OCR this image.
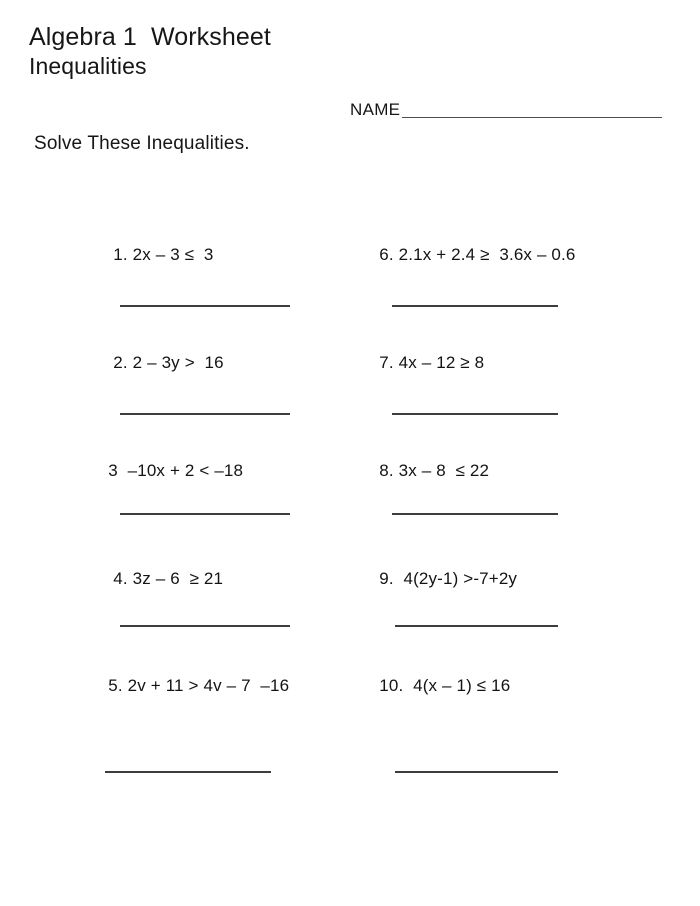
Algebra 1  Worksheet
Inequalities
NAME
Solve These Inequalities.

1. 2x – 3 ≤  3
	6. 2.1x + 2.4 ≥  3.6x – 0.6

2. 2 – 3y >  16
	7. 4x – 12 ≥ 8

3 –10x + 2 < –18
	8. 3x – 8  ≤ 22

4. 3z – 6  ≥ 21
	9. 4(2y-1) >-7+2y

5. 2v + 11 > 4v – 7  –16
	10. 4(x – 1) ≤ 16
